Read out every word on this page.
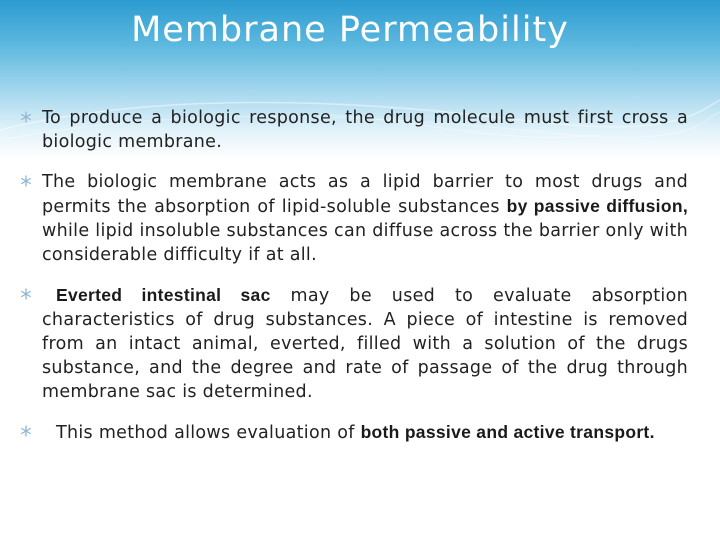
Membrane Permeability
To produce a biologic response, the drug molecule must first cross a biologic membrane.
The biologic membrane acts as a lipid barrier to most drugs and permits the absorption of lipid-soluble substances by passive diffusion, while lipid insoluble substances can diffuse across the barrier only with considerable difficulty if at all.
Everted intestinal sac may be used to evaluate absorption characteristics of drug substances. A piece of intestine is removed from an intact animal, everted, filled with a solution of the drugs substance, and the degree and rate of passage of the drug through membrane sac is determined.
This method allows evaluation of both passive and active transport.
